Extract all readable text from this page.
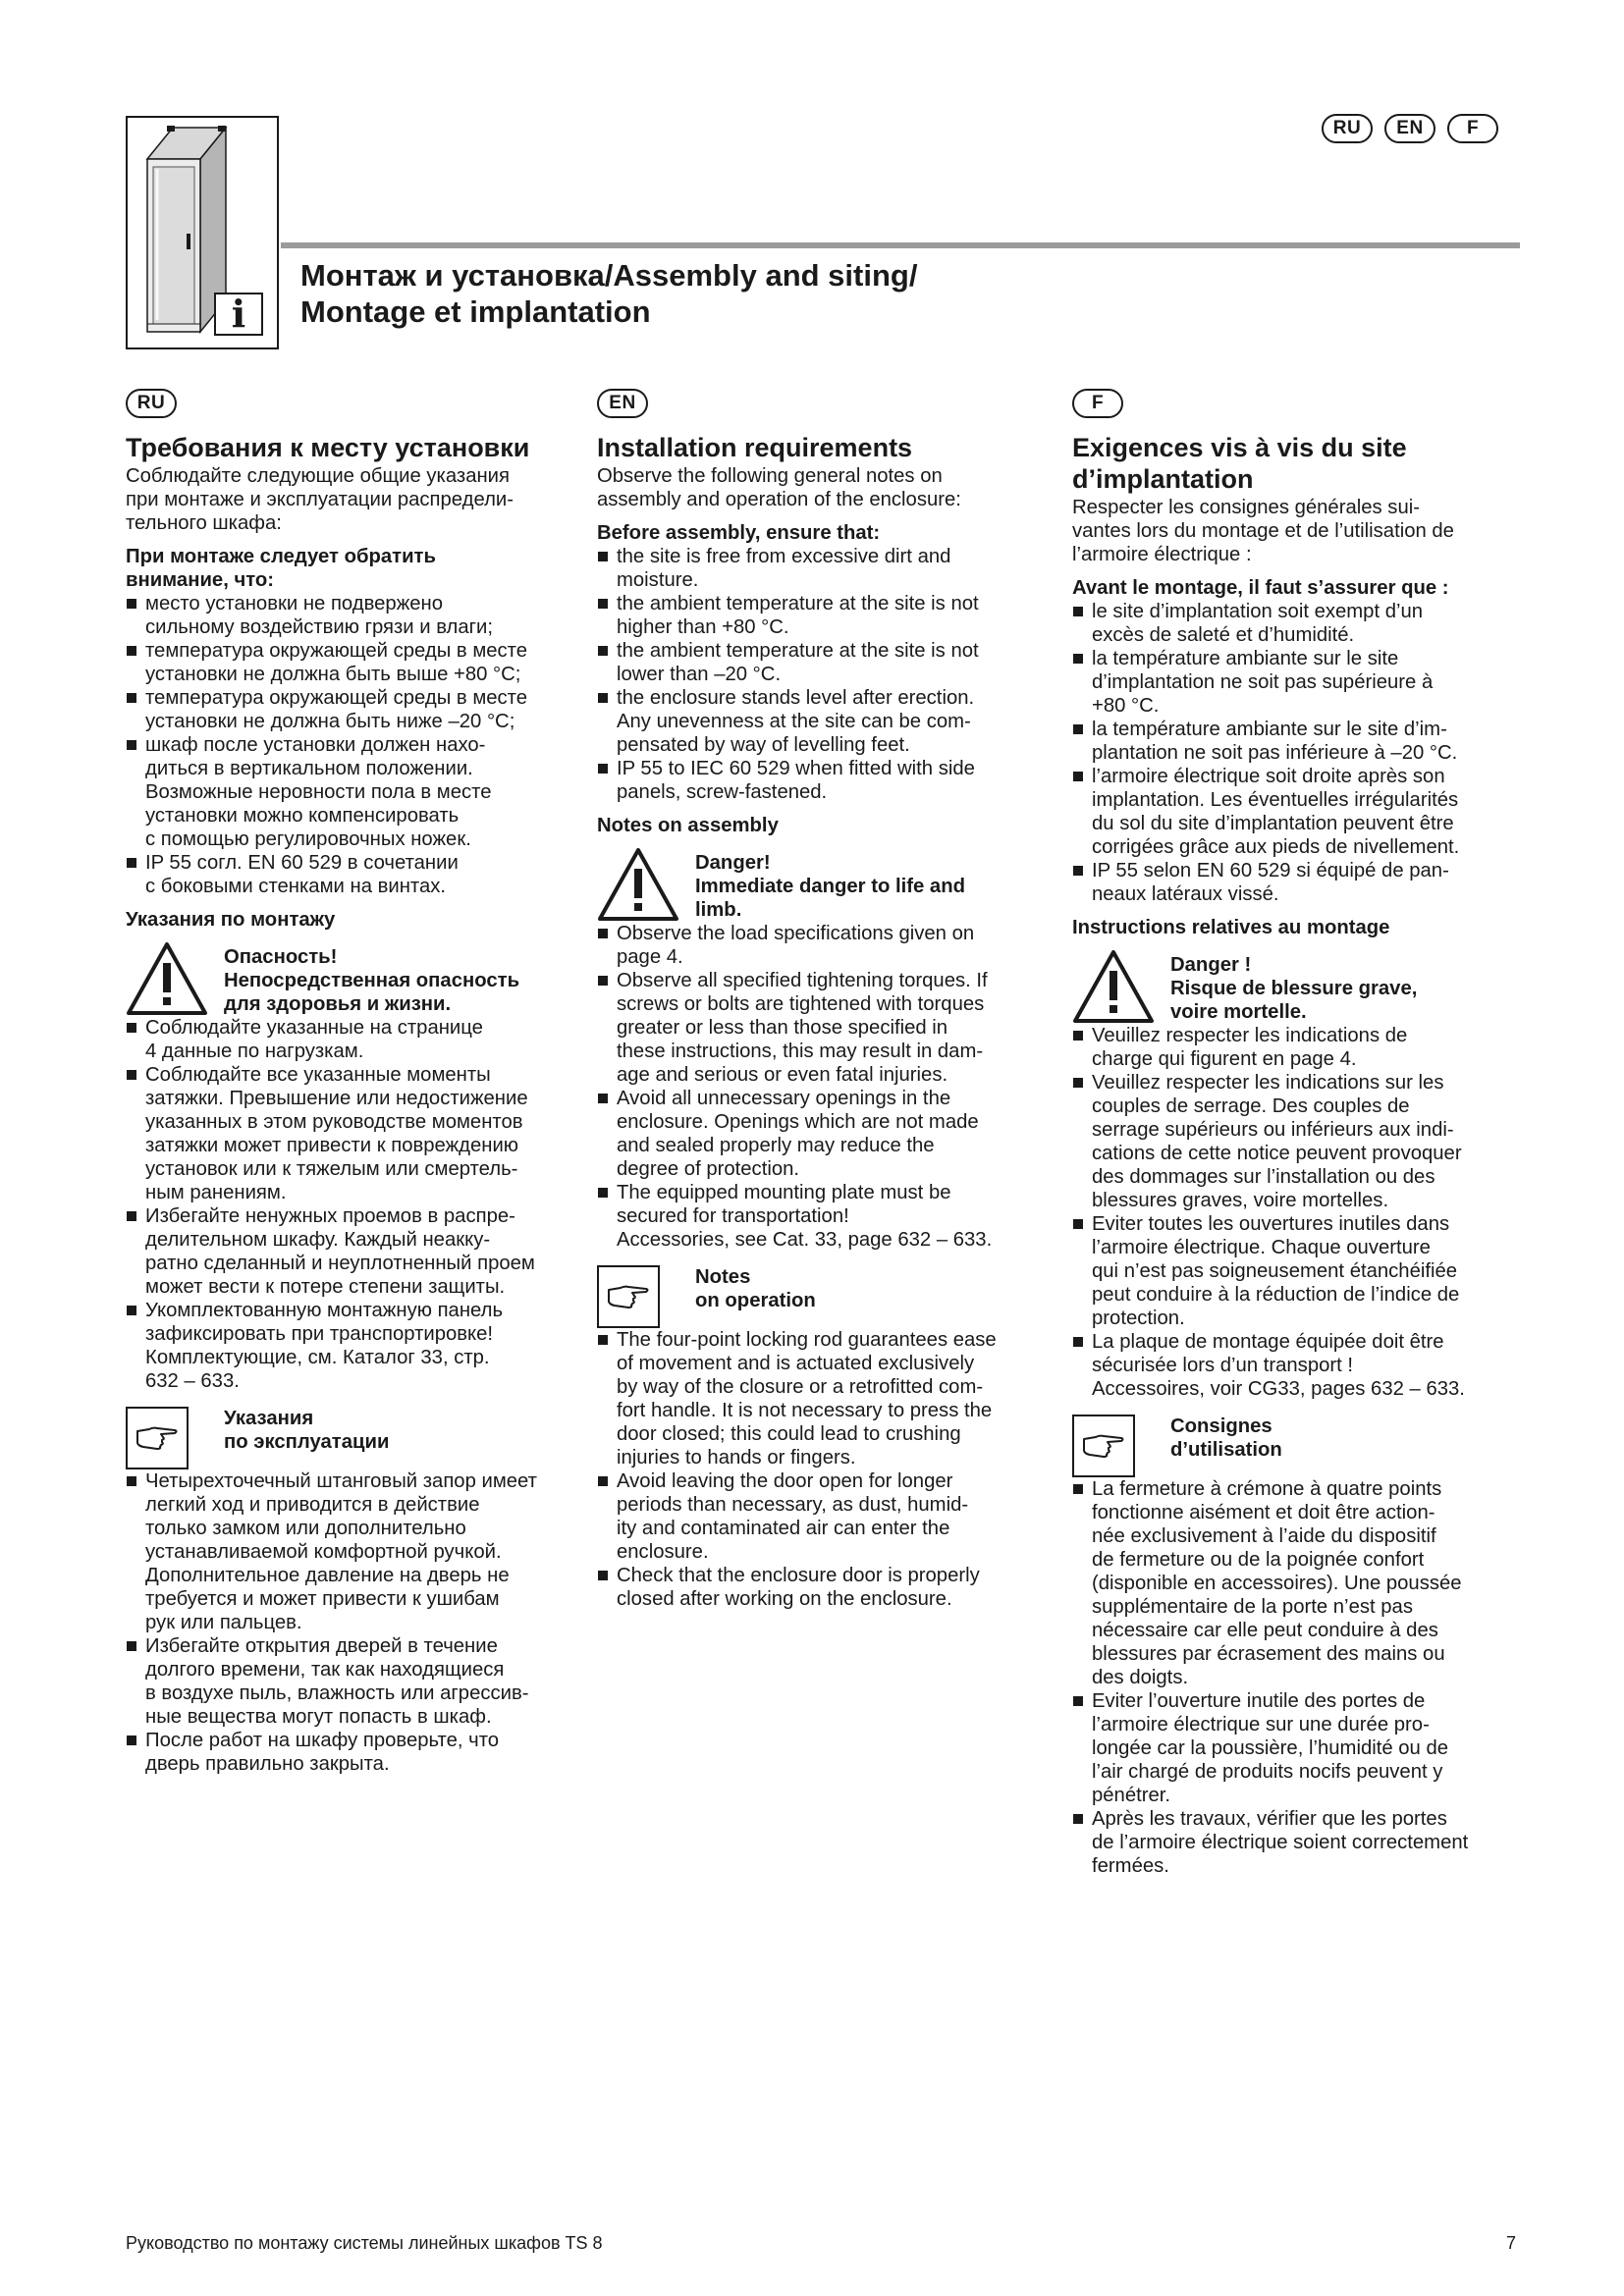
RU	EN	F
i
Монтаж и установка/Assembly and siting/
Montage et implantation
RU
Требования к месту установки

Соблюдайте следующие общие указания
при монтаже и эксплуатации распредели-
тельного шкафа:

При монтаже следует обратить
внимание, что:

место установки не подвержено
сильному воздействию грязи и влаги;
температура окружающей среды в месте
установки не должна быть выше +80 °C;
температура окружающей среды в месте
установки не должна быть ниже –20 °C;
шкаф после установки должен нахо-
диться в вертикальном положении.
Возможные неровности пола в месте
установки можно компенсировать
с помощью регулировочных ножек.
IP 55 согл. EN 60 529 в сочетании
с боковыми стенками на винтах.

Указания по монтажу

Опасность!
Непосредственная опасность
для здоровья и жизни.
Соблюдайте указанные на странице
4 данные по нагрузкам.
Соблюдайте все указанные моменты
затяжки. Превышение или недостижение
указанных в этом руководстве моментов
затяжки может привести к повреждению
установок или к тяжелым или смертель-
ным ранениям.
Избегайте ненужных проемов в распре-
делительном шкафу. Каждый неакку-
ратно сделанный и неуплотненный проем
может вести к потере степени защиты.
Укомплектованную монтажную панель
зафиксировать при транспортировке!
Комплектующие, см. Каталог 33, стр.
632 – 633.
Указания
по эксплуатации
Четырехточечный штанговый запор имеет
легкий ход и приводится в действие
только замком или дополнительно
устанавливаемой комфортной ручкой.
Дополнительное давление на дверь не
требуется и может привести к ушибам
рук или пальцев.
Избегайте открытия дверей в течение
долгого времени, так как находящиеся
в воздухе пыль, влажность или агрессив-
ные вещества могут попасть в шкаф.
После работ на шкафу проверьте, что
дверь правильно закрыта.
EN
Installation requirements

Observe the following general notes on
assembly and operation of the enclosure:

Before assembly, ensure that:

the site is free from excessive dirt and
moisture.
the ambient temperature at the site is not
higher than +80 °C.
the ambient temperature at the site is not
lower than –20 °C.
the enclosure stands level after erection.
Any unevenness at the site can be com-
pensated by way of levelling feet.
IP 55 to IEC 60 529 when fitted with side
panels, screw-fastened.

Notes on assembly

Danger!
Immediate danger to life and
limb.
Observe the load specifications given on
page 4.
Observe all specified tightening torques. If
screws or bolts are tightened with torques
greater or less than those specified in
these instructions, this may result in dam-
age and serious or even fatal injuries.
Avoid all unnecessary openings in the
enclosure. Openings which are not made
and sealed properly may reduce the
degree of protection.
The equipped mounting plate must be
secured for transportation!
Accessories, see Cat. 33, page 632 – 633.
Notes
on operation
The four-point locking rod guarantees ease
of movement and is actuated exclusively
by way of the closure or a retrofitted com-
fort handle. It is not necessary to press the
door closed; this could lead to crushing
injuries to hands or fingers.
Avoid leaving the door open for longer
periods than necessary, as dust, humid-
ity and contaminated air can enter the
enclosure.
Check that the enclosure door is properly
closed after working on the enclosure.
F
Exigences vis à vis du site
d’implantation

Respecter les consignes générales sui-
vantes lors du montage et de l’utilisation de
l’armoire électrique :

Avant le montage, il faut s’assurer que :

le site d’implantation soit exempt d’un
excès de saleté et d’humidité.
la température ambiante sur le site
d’implantation ne soit pas supérieure à
+80 °C.
la température ambiante sur le site d’im-
plantation ne soit pas inférieure à –20 °C.
l’armoire électrique soit droite après son
implantation. Les éventuelles irrégularités
du sol du site d’implantation peuvent être
corrigées grâce aux pieds de nivellement.
IP 55 selon EN 60 529 si équipé de pan-
neaux latéraux vissé.

Instructions relatives au montage

Danger !
Risque de blessure grave,
voire mortelle.
Veuillez respecter les indications de
charge qui figurent en page 4.
Veuillez respecter les indications sur les
couples de serrage. Des couples de
serrage supérieurs ou inférieurs aux indi-
cations de cette notice peuvent provoquer
des dommages sur l’installation ou des
blessures graves, voire mortelles.
Eviter toutes les ouvertures inutiles dans
l’armoire électrique. Chaque ouverture
qui n’est pas soigneusement étanchéifiée
peut conduire à la réduction de l’indice de
protection.
La plaque de montage équipée doit être
sécurisée lors d’un transport !
Accessoires, voir CG33, pages 632 – 633.
Consignes
d’utilisation
La fermeture à crémone à quatre points
fonctionne aisément et doit être action-
née exclusivement à l’aide du dispositif
de fermeture ou de la poignée confort
(disponible en accessoires). Une poussée
supplémentaire de la porte n’est pas
nécessaire car elle peut conduire à des
blessures par écrasement des mains ou
des doigts.
Eviter l’ouverture inutile des portes de
l’armoire électrique sur une durée pro-
longée car la poussière, l’humidité ou de
l’air chargé de produits nocifs peuvent y
pénétrer.
Après les travaux, vérifier que les portes
de l’armoire électrique soient correctement
fermées.
Руководство по монтажу системы линейных шкафов TS 8	7
